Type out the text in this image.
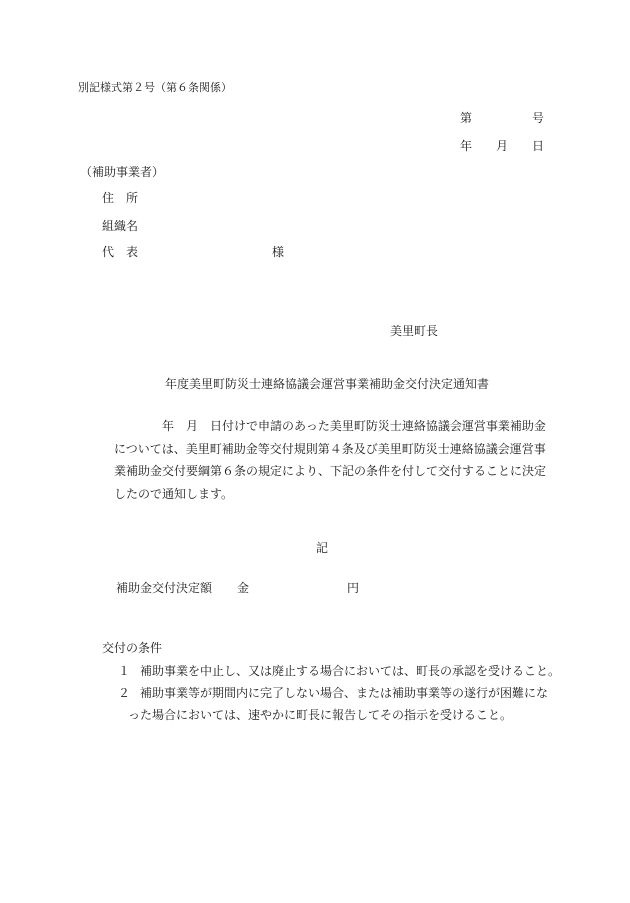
別記様式第２号（第６条関係）
第	号
年 月 日
（補助事業者）
住　所
組織名
代　表	様
美里町長
年度美里町防災士連絡協議会運営事業補助金交付決定通知書
年　月　日付けで申請のあった美里町防災士連絡協議会運営事業補助金
については、美里町補助金等交付規則第４条及び美里町防災士連絡協議会運営事
業補助金交付要綱第６条の規定により、下記の条件を付して交付することに決定
したので通知します。
記
補助金交付決定額 金	円
交付の条件
１ 補助事業を中止し、又は廃止する場合においては、町長の承認を受けること。
２ 補助事業等が期間内に完了しない場合、または補助事業等の遂行が困難にな
った場合においては、速やかに町長に報告してその指示を受けること。
